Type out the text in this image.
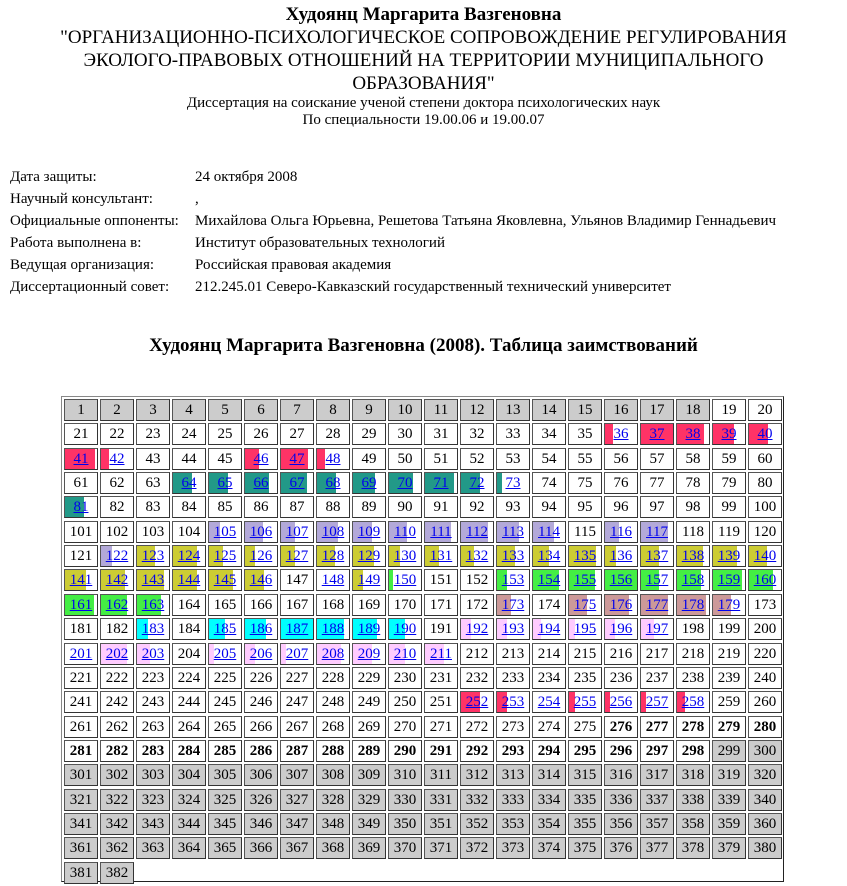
Худоянц Маргарита Вазгеновна
"ОРГАНИЗАЦИОННО-ПСИХОЛОГИЧЕСКОЕ СОПРОВОЖДЕНИЕ РЕГУЛИРОВАНИЯ ЭКОЛОГО-ПРАВОВЫХ ОТНОШЕНИЙ НА ТЕРРИТОРИИ МУНИЦИПАЛЬНОГО ОБРАЗОВАНИЯ"
Диссертация на соискание ученой степени доктора психологических наук
По специальности 19.00.06 и 19.00.07
Дата защиты:	24 октября 2008
Научный консультант:	,
Официальные оппоненты:	Михайлова Ольга Юрьевна, Решетова Татьяна Яковлевна, Ульянов Владимир Геннадьевич
Работа выполнена в:	Институт образовательных технологий
Ведущая организация:	Российская правовая академия
Диссертационный совет:	212.245.01 Северо-Кавказский государственный технический университет
Худоянц Маргарита Вазгеновна (2008). Таблица заимствований
1	2	3	4	5	6	7	8	9	10	11	12	13	14	15	16	17	18	19	20
21	22	23	24	25	26	27	28	29	30	31	32	33	34	35	36	37	38	39	40
41	42	43	44	45	46	47	48	49	50	51	52	53	54	55	56	57	58	59	60
61	62	63	64	65	66	67	68	69	70	71	72	73	74	75	76	77	78	79	80
81	82	83	84	85	86	87	88	89	90	91	92	93	94	95	96	97	98	99	100
101 102 103 104 105 106 107 108 109 110 111 112 113 114 115 116 117 118 119 120
121 122 123 124 125 126 127 128 129 130 131 132 133 134 135 136 137 138 139 140
141 142 143 144 145 146 147 148 149 150 151 152 153 154 155 156 157 158 159 160
161 162 163 164 165 166 167 168 169 170 171 172 173 174 175 176 177 178 179 173
181 182 183 184 185 186 187 188 189 190 191 192 193 194 195 196 197 198 199 200
201 202 203 204 205 206 207 208 209 210 211 212 213 214 215 216 217 218 219 220
221 222 223 224 225 226 227 228 229 230 231 232 233 234 235 236 237 238 239 240
241 242 243 244 245 246 247 248 249 250 251 252 253 254 255 256 257 258 259 260
261 262 263 264 265 266 267 268 269 270 271 272 273 274 275 276 277 278 279 280
281 282 283 284 285 286 287 288 289 290 291 292 293 294 295 296 297 298 299 300
301 302 303 304 305 306 307 308 309 310 311 312 313 314 315 316 317 318 319 320
321 322 323 324 325 326 327 328 329 330 331 332 333 334 335 336 337 338 339 340
341 342 343 344 345 346 347 348 349 350 351 352 353 354 355 356 357 358 359 360
361 362 363 364 365 366 367 368 369 370 371 372 373 374 375 376 377 378 379 380
381 382
